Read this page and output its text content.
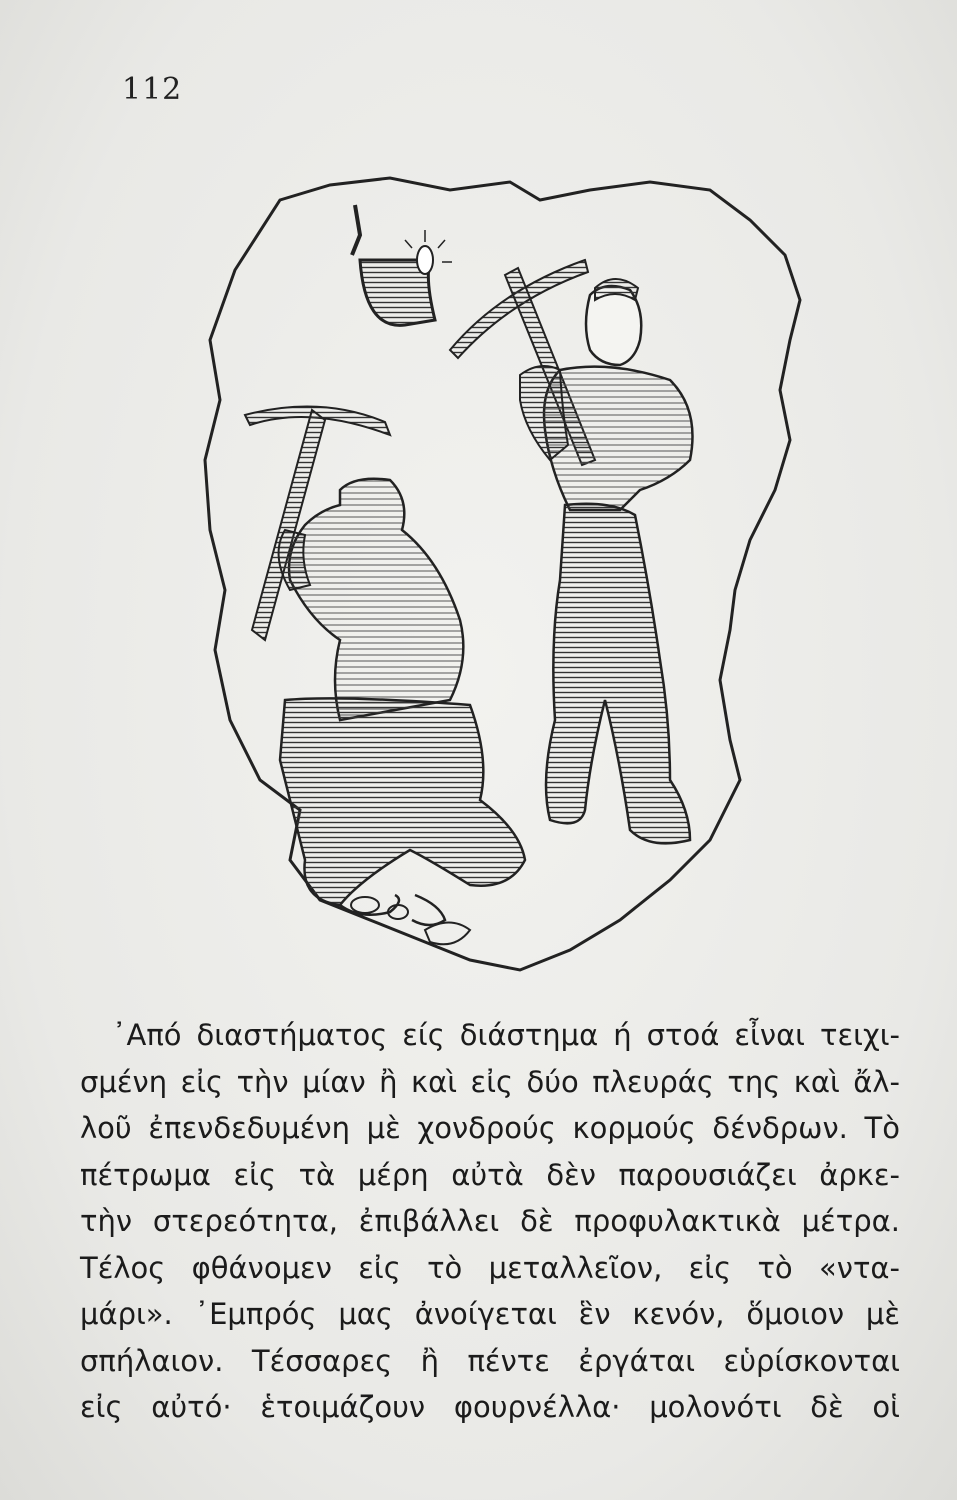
112
᾿Από διαστήματος είς διάστημα ή στοά εἶναι τειχι-
σμένη εἰς τὴν μίαν ἢ καὶ εἰς δύο πλευράς της καὶ ἄλ-
λοῦ ἐπενδεδυμένη μὲ χονδρούς κορμούς δένδρων. Τὸ
πέτρωμα εἰς τὰ μέρη αὐτὰ δὲν παρουσιάζει ἀρκε-
τὴν στερεότητα, ἐπιβάλλει δὲ προφυλακτικὰ μέτρα.
Τέλος φθάνομεν εἰς τὸ μεταλλεῖον, εἰς τὸ «ντα-
μάρι». ᾿Εμπρός μας ἀνοίγεται ἓν κενόν, ὅμοιον μὲ
σπήλαιον. Τέσσαρες ἢ πέντε ἐργάται εὑρίσκονται
εἰς αὐτό· ἑτοιμάζουν φουρνέλλα· μολονότι δὲ οἱ
